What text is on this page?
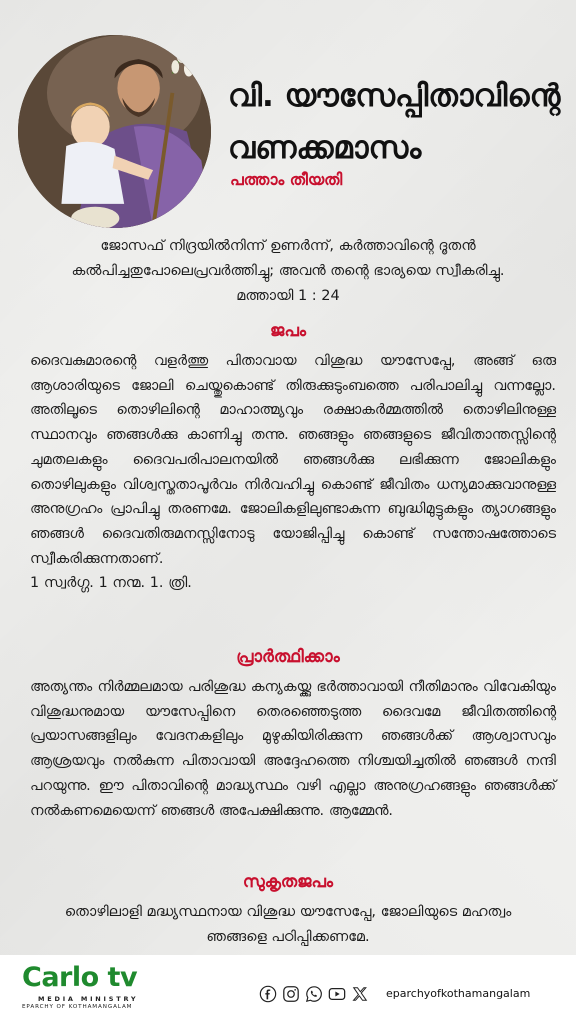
വി. യൗസേപ്പിതാവിന്റെ
വണക്കമാസം
പത്താം തീയതി
ജോസഫ് നിദ്രയിൽനിന്ന് ഉണർന്ന്, കർത്താവിന്റെ ദൂതൻ
കൽപിച്ചതുപോലെപ്രവർത്തിച്ചു; അവൻ തന്റെ ഭാര്യയെ സ്വീകരിച്ചു.
മത്തായി 1 : 24
ജപം
ദൈവകുമാരന്റെ വളർത്തു പിതാവായ വിശുദ്ധ യൗസേപ്പേ, അങ്ങ് ഒരു ആശാരിയുടെ ജോലി ചെയ്തുകൊണ്ട് തിരുക്കുടുംബത്തെ പരിപാലിച്ചു വന്നല്ലോ. അതിലൂടെ തൊഴിലിന്റെ മാഹാത്മ്യവും രക്ഷാകർമ്മത്തിൽ തൊഴിലിനുള്ള സ്ഥാനവും ഞങ്ങൾക്കു കാണിച്ചു തന്നു. ഞങ്ങളും ഞങ്ങളുടെ ജീവിതാന്തസ്സിന്റെ ചുമതലകളും ദൈവപരിപാലനയിൽ ഞങ്ങൾക്കു ലഭിക്കുന്ന ജോലികളും തൊഴിലുകളും വിശ്വസ്തതാപൂർവം നിർവഹിച്ചു കൊണ്ട് ജീവിതം ധന്യമാക്കുവാനുള്ള അനുഗ്രഹം പ്രാപിച്ചു തരണമേ. ജോലികളിലുണ്ടാകുന്ന ബുദ്ധിമുട്ടുകളും ത്യാഗങ്ങളും ഞങ്ങൾ ദൈവതിരുമനസ്സിനോടു യോജിപ്പിച്ചു കൊണ്ട് സന്തോഷത്തോടെ സ്വീകരിക്കുന്നതാണ്.
1 സ്വർഗ്ഗ. 1 നന്മ. 1. ത്രി.
പ്രാർത്ഥിക്കാം
അത്യന്തം നിർമ്മലമായ പരിശുദ്ധ കന്യകയ്ക്കു ഭർത്താവായി നീതിമാനും വിവേകിയും വിശുദ്ധനുമായ യൗസേപ്പിനെ തെരഞ്ഞെടുത്ത ദൈവമേ ജീവിതത്തിന്റെ പ്രയാസങ്ങളിലും വേദനകളിലും മുഴുകിയിരിക്കുന്ന ഞങ്ങൾക്ക് ആശ്വാസവും ആശ്രയവും നൽകുന്ന പിതാവായി അദ്ദേഹത്തെ നിശ്ചയിച്ചതിൽ ഞങ്ങൾ നന്ദി പറയുന്നു. ഈ പിതാവിന്റെ മാദ്ധ്യസ്ഥം വഴി എല്ലാ അനുഗ്രഹങ്ങളും ഞങ്ങൾക്ക് നൽകണമെയെന്ന് ഞങ്ങൾ അപേക്ഷിക്കുന്നു. ആമ്മേൻ.
സുകൃതജപം
തൊഴിലാളി മദ്ധ്യസ്ഥനായ വിശുദ്ധ യൗസേപ്പേ, ജോലിയുടെ മഹത്വം
ഞങ്ങളെ പഠിപ്പിക്കണമേ.
Carlo tv
MEDIA MINISTRY
EPARCHY OF KOTHAMANGALAM
eparchyofkothamangalam
